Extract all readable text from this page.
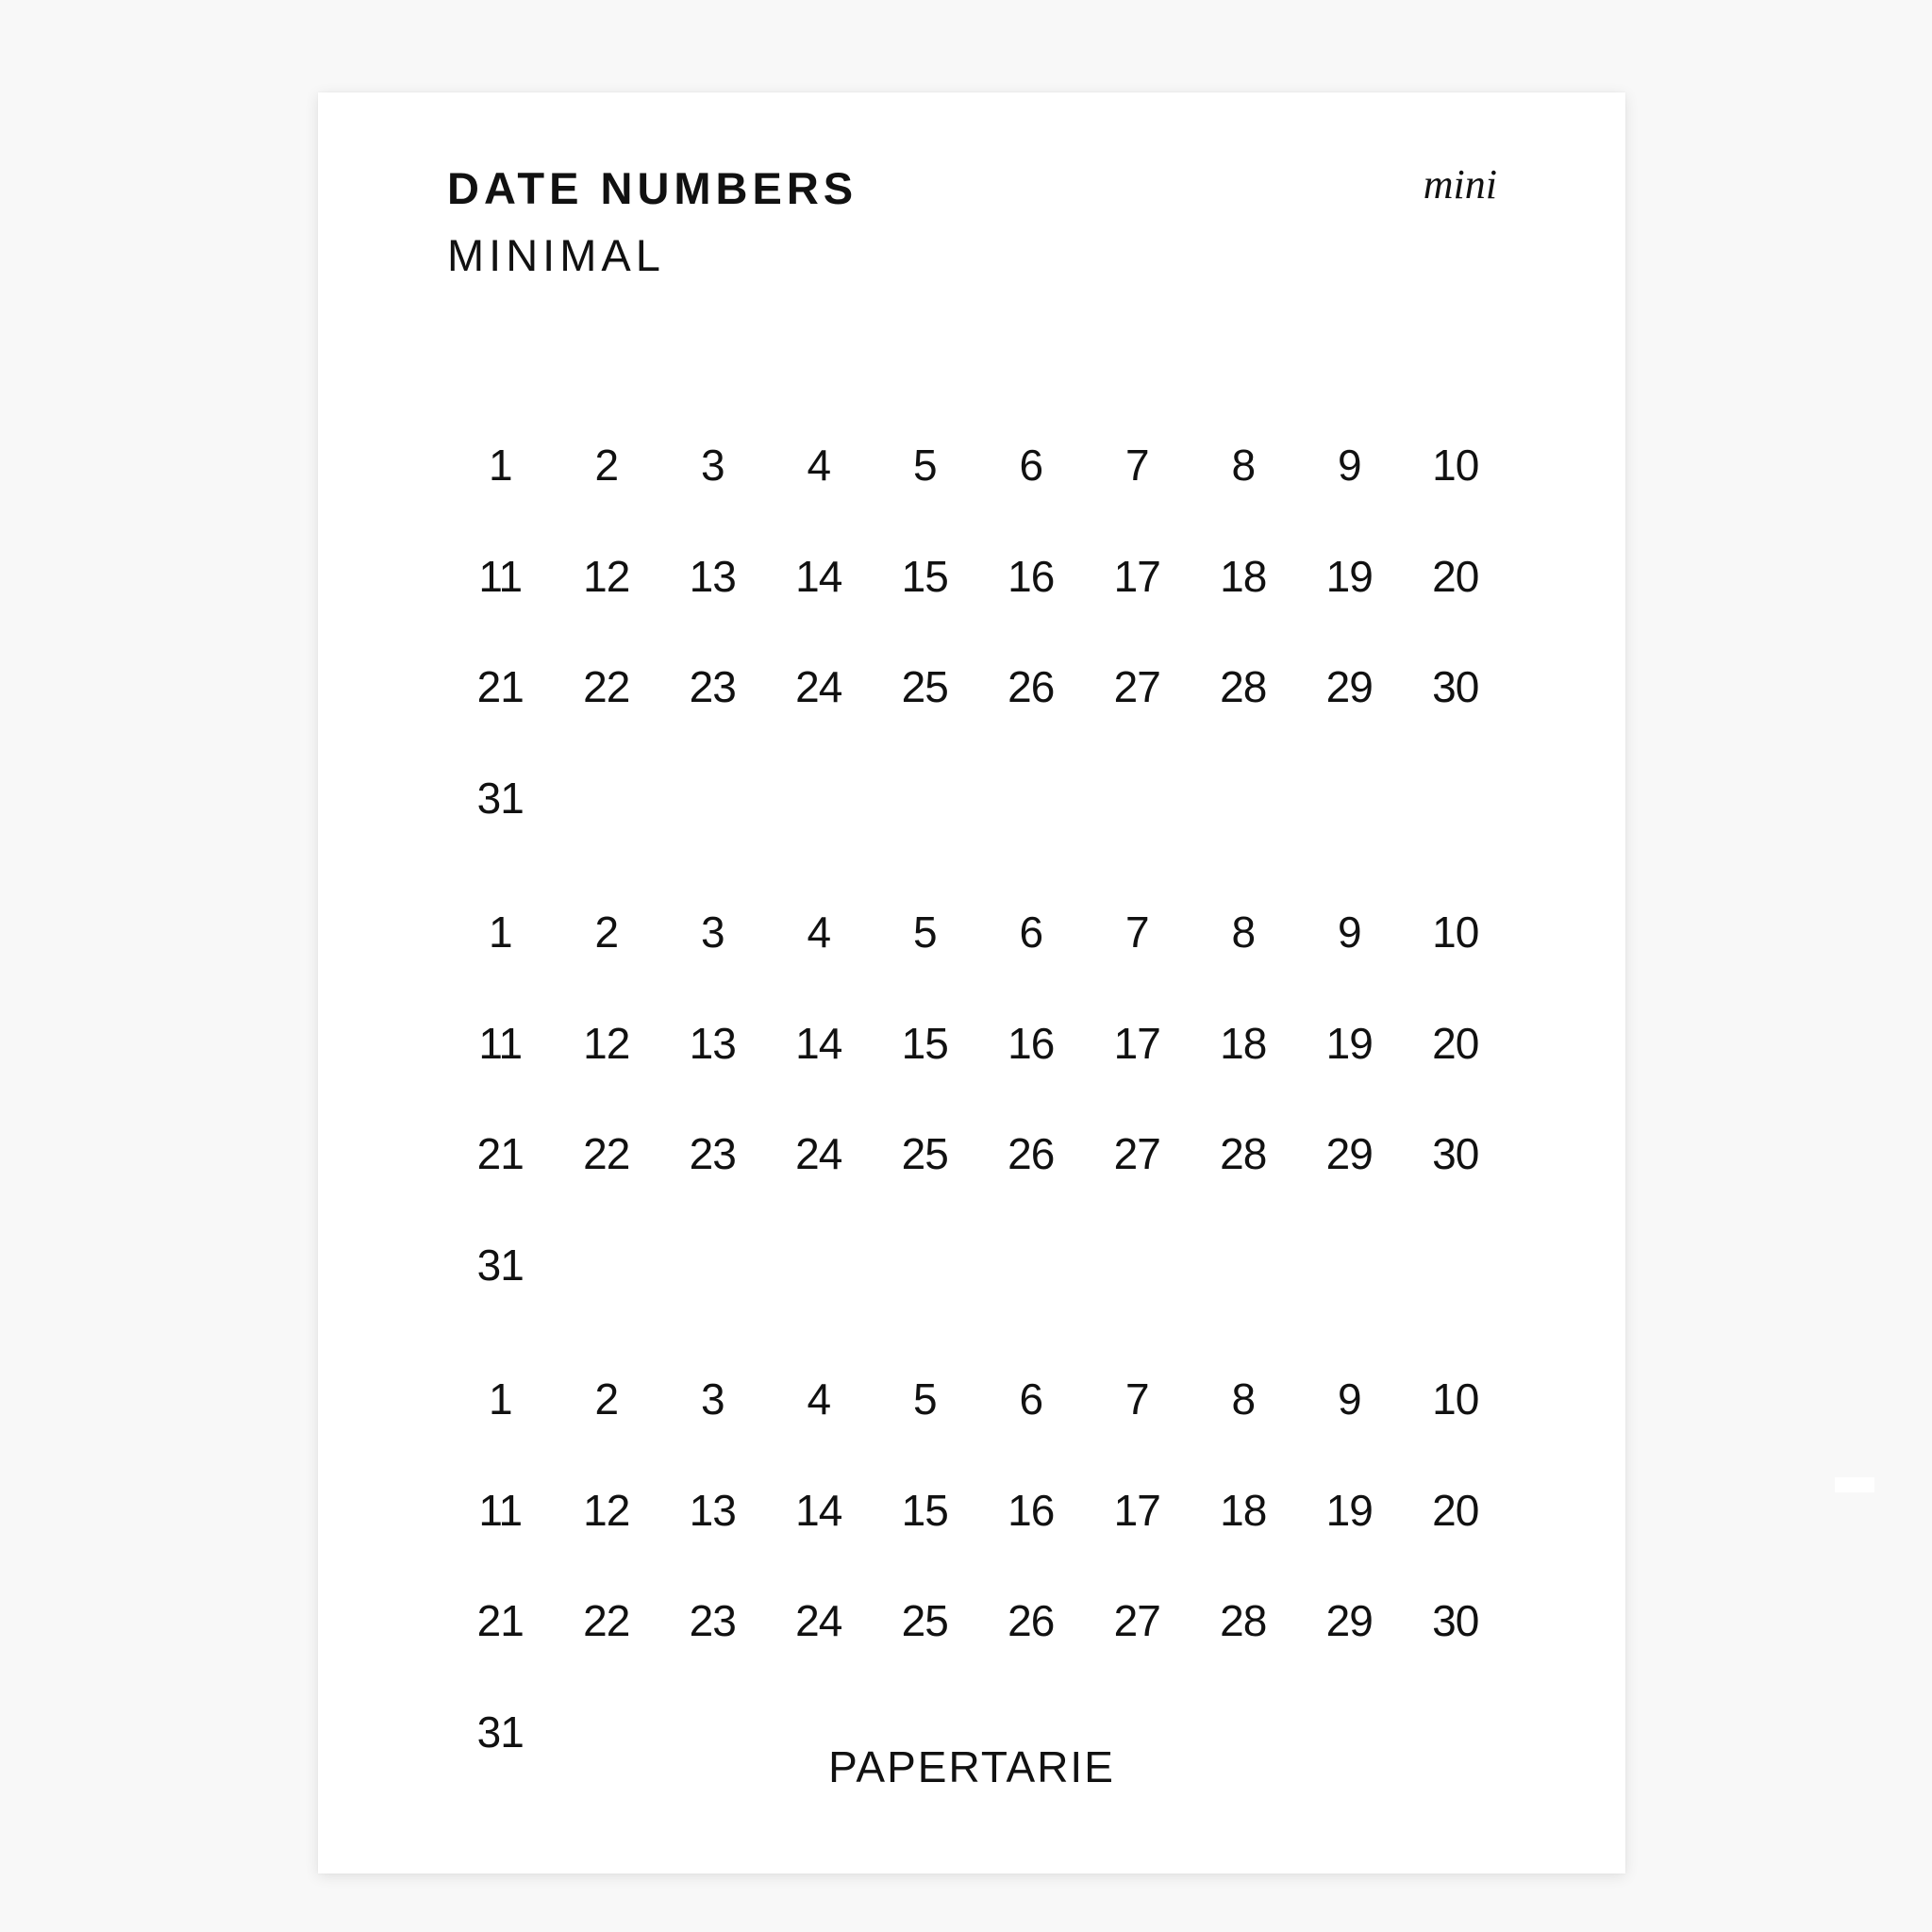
DATE NUMBERS
MINIMAL
mini
1	2	3	4	5	6	7	8	9	10
11	12	13	14	15	16	17	18	19	20
21	22	23	24	25	26	27	28	29	30
31
1	2	3	4	5	6	7	8	9	10
11	12	13	14	15	16	17	18	19	20
21	22	23	24	25	26	27	28	29	30
31
1	2	3	4	5	6	7	8	9	10
11	12	13	14	15	16	17	18	19	20
21	22	23	24	25	26	27	28	29	30
31
PAPERTARIE
